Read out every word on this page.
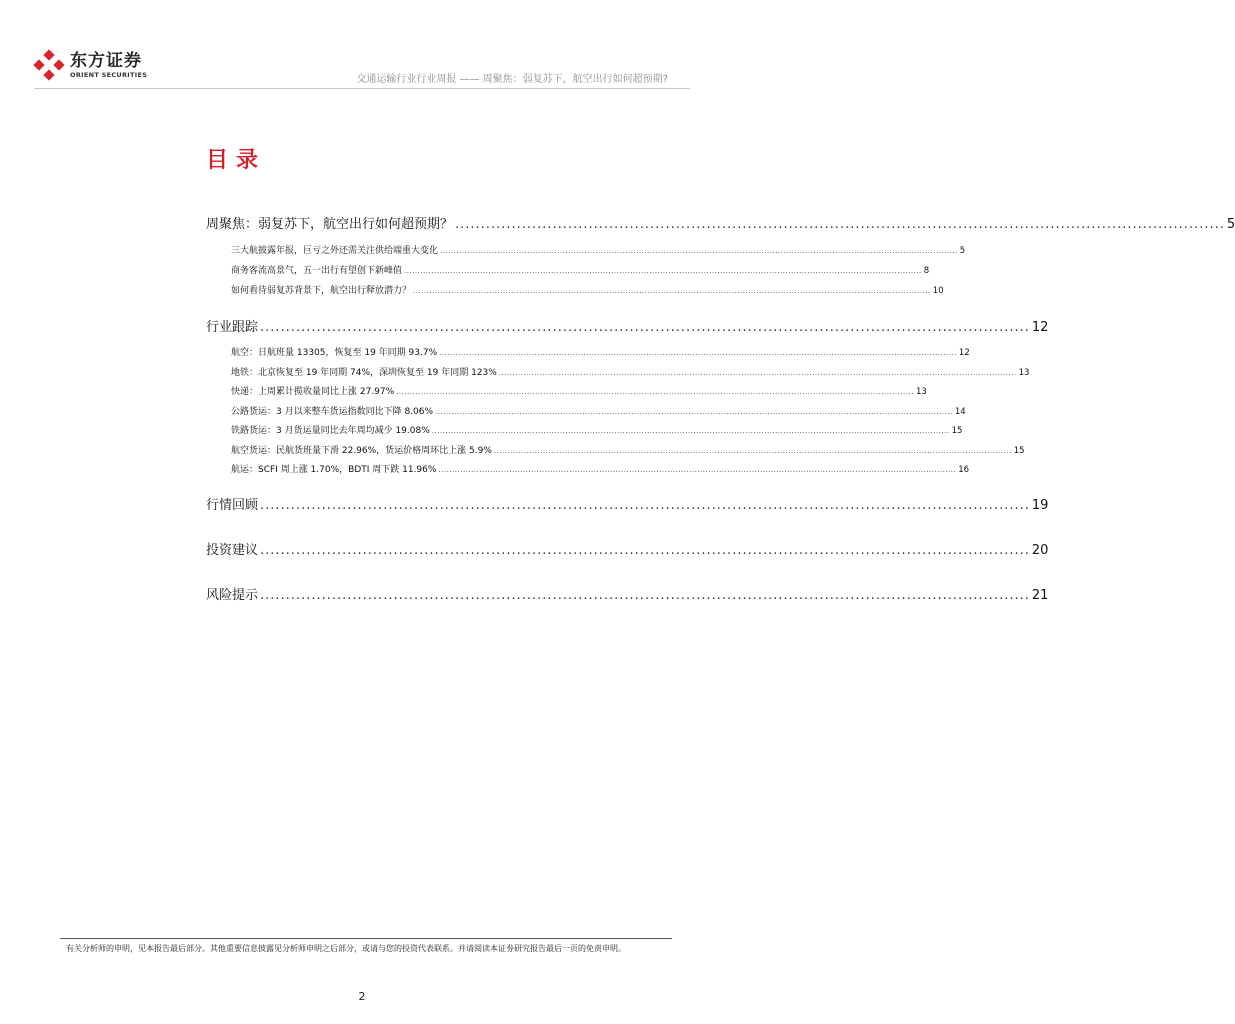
东方证券
ORIENT SECURITIES	交通运输行业行业周报 —— 周聚焦：弱复苏下，航空出行如何超预期?
目录
周聚焦：弱复苏下，航空出行如何超预期？ ...................................................................................................................................................... 5
三大航披露年报，巨亏之外还需关注供给端重大变化 .............................................................................................................................................................................................. 5
商务客流高景气，五一出行有望创下新峰值 .............................................................................................................................................................................................. 8
如何看待弱复苏背景下，航空出行释放潜力？ .............................................................................................................................................................................................. 10
行业跟踪 ...................................................................................................................................................... 12
航空：日航班量 13305，恢复至 19 年同期 93.7% .............................................................................................................................................................................................. 12
地铁：北京恢复至 19 年同期 74%，深圳恢复至 19 年同期 123% .............................................................................................................................................................................................. 13
快递：上周累计揽收量同比上涨 27.97% .............................................................................................................................................................................................. 13
公路货运：3 月以来整车货运指数同比下降 8.06% .............................................................................................................................................................................................. 14
铁路货运：3 月货运量同比去年周均减少 19.08% .............................................................................................................................................................................................. 15
航空货运：民航货班量下滑 22.96%，货运价格周环比上涨 5.9% .............................................................................................................................................................................................. 15
航运：SCFI 周上涨 1.70%，BDTI 周下跌 11.96% .............................................................................................................................................................................................. 16
行情回顾 ...................................................................................................................................................... 19
投资建议 ...................................................................................................................................................... 20
风险提示 ...................................................................................................................................................... 21
有关分析师的申明，见本报告最后部分。其他重要信息披露见分析师申明之后部分，或请与您的投资代表联系。并请阅读本证券研究报告最后一页的免责申明。
2
